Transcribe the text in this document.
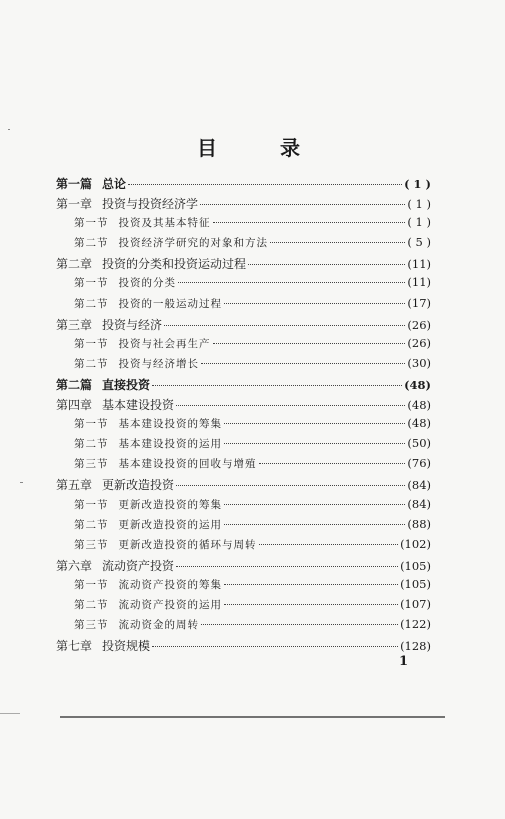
目 录
第一篇 总论	( 1 )
第一章 投资与投资经济学	( 1 )
第一节 投资及其基本特征	( 1 )
第二节 投资经济学研究的对象和方法	( 5 )
第二章 投资的分类和投资运动过程	(11)
第一节 投资的分类	(11)
第二节 投资的一般运动过程	(17)
第三章 投资与经济	(26)
第一节 投资与社会再生产	(26)
第二节 投资与经济增长	(30)
第二篇 直接投资	(48)
第四章 基本建设投资	(48)
第一节 基本建设投资的筹集	(48)
第二节 基本建设投资的运用	(50)
第三节 基本建设投资的回收与增殖	(76)
第五章 更新改造投资	(84)
第一节 更新改造投资的筹集	(84)
第二节 更新改造投资的运用	(88)
第三节 更新改造投资的循环与周转	(102)
第六章 流动资产投资	(105)
第一节 流动资产投资的筹集	(105)
第二节 流动资产投资的运用	(107)
第三节 流动资金的周转	(122)
第七章 投资规模	(128)
1
